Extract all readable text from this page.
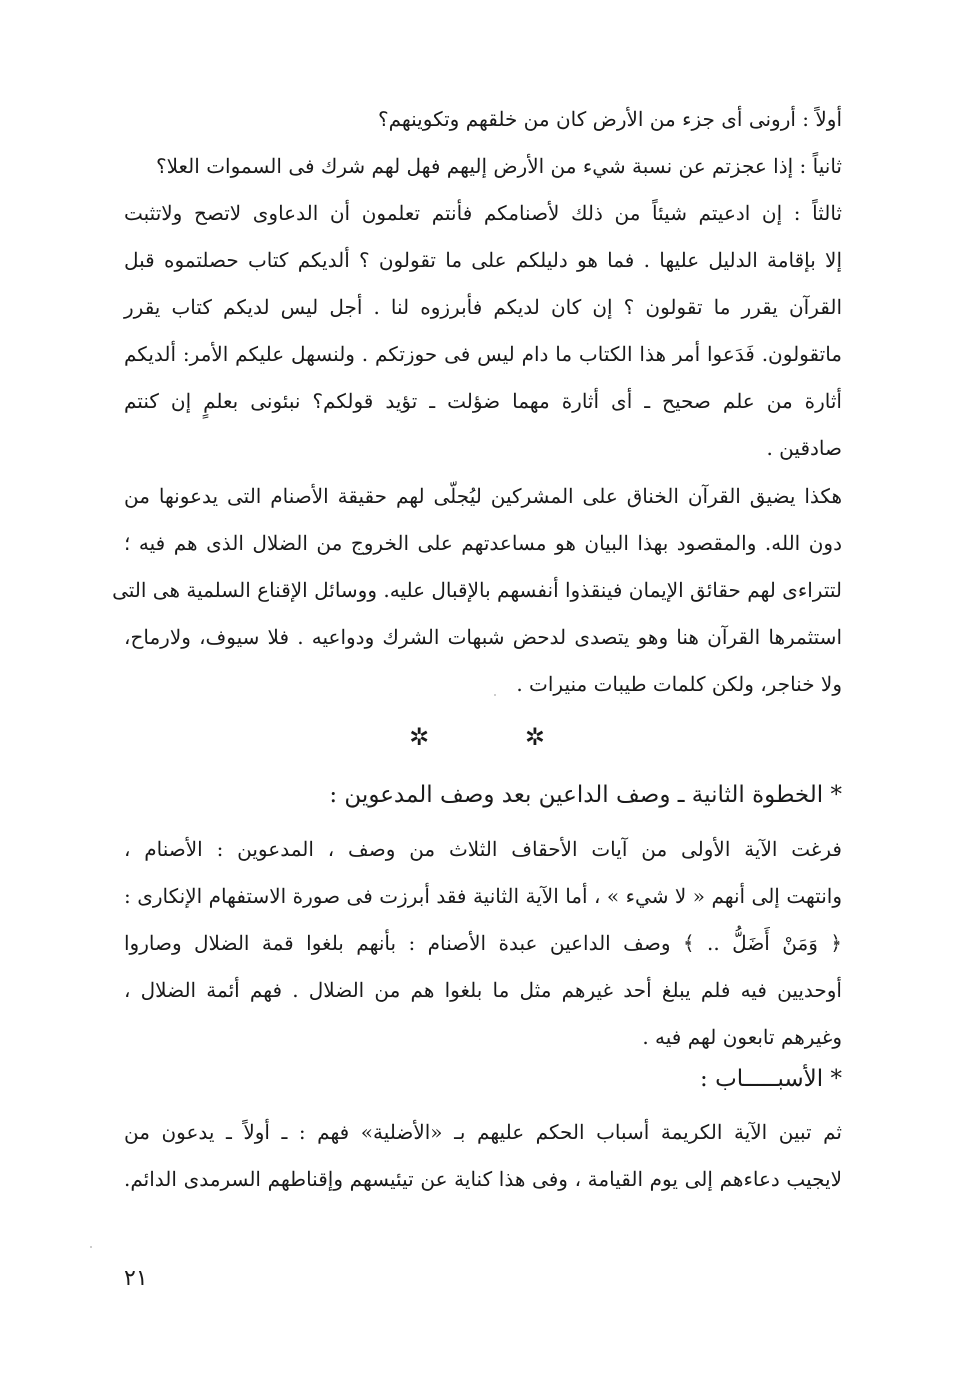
أولاً : أرونى أى جزء من الأرض كان من خلقهم وتكوينهم؟
ثانياً : إذا عجزتم عن نسبة شيء من الأرض إليهم فهل لهم شرك فى السموات العلا؟
ثالثاً : إن ادعيتم شيئاً من ذلك لأصنامكم فأنتم تعلمون أن الدعاوى لاتصح ولاتثبت
إلا بإقامة الدليل عليها . فما هو دليلكم على ما تقولون ؟ ألديكم كتاب حصلتموه قبل
القرآن يقرر ما تقولون ؟ إن كان لديكم فأبرزوه لنا . أجل ليس لديكم كتاب يقرر
ماتقولون. فَدَعوا أمر هذا الكتاب ما دام ليس فى حوزتكم . ولنسهل عليكم الأمر: ألديكم
أثارة من علم صحيح ـ أى أثارة مهما ضؤلت ـ تؤيد قولكم؟ نبئونى بعلمٍ إن كنتم
صادقين .
هكذا يضيق القرآن الخناق على المشركين ليُجلّى لهم حقيقة الأصنام التى يدعونها من
دون الله. والمقصود بهذا البيان هو مساعدتهم على الخروج من الضلال الذى هم فيه ؛
لتتراءى لهم حقائق الإيمان فينقذوا أنفسهم بالإقبال عليه. ووسائل الإقناع السلمية هى التى
استثمرها القرآن هنا وهو يتصدى لدحض شبهات الشرك ودواعيه . فلا سيوف، ولارماح،
ولا خناجر، ولكن كلمات طيبات منيرات .
✲	✲
* الخطوة الثانية ـ وصف الداعين بعد وصف المدعوين :
فرغت الآية الأولى من آيات الأحقاف الثلاث من وصف ، المدعوين : الأصنام ،
وانتهت إلى أنهم « لا شيء » ، أما الآية الثانية فقد أبرزت فى صورة الاستفهام الإنكارى :
﴿ وَمَنْ أَضَلُّ .. ﴾ وصف الداعين عبدة الأصنام : بأنهم بلغوا قمة الضلال وصاروا
أوحديين فيه فلم يبلغ أحد غيرهم مثل ما بلغوا هم من الضلال . فهم أئمة الضلال ،
وغيرهم تابعون لهم فيه .
* الأسبـــــاب :
ثم تبين الآية الكريمة أسباب الحكم عليهم بـ «الأضلية» فهم : ـ أولاً ـ يدعون من
لايجيب دعاءهم إلى يوم القيامة ، وفى هذا كناية عن تيئيسهم وإقناطهم السرمدى الدائم.
٢١
